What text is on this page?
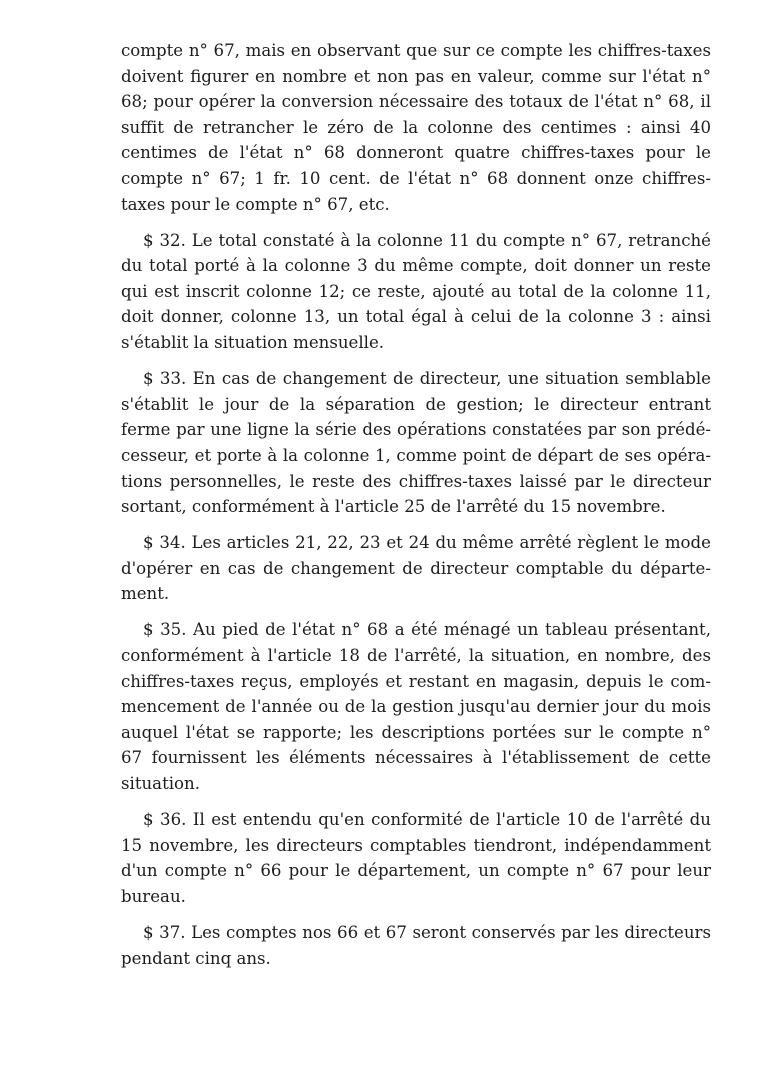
compte n° 67, mais en observant que sur ce compte les chiffres-taxes doivent figurer en nombre et non pas en valeur, comme sur l'état n° 68; pour opérer la conversion nécessaire des totaux de l'état n° 68, il suffit de retrancher le zéro de la colonne des centimes : ainsi 40 centimes de l'état n° 68 donneront quatre chiffres-taxes pour le compte n° 67; 1 fr. 10 cent. de l'état n° 68 donnent onze chiffres-taxes pour le compte n° 67, etc.

$ 32. Le total constaté à la colonne 11 du compte n° 67, retranché du total porté à la colonne 3 du même compte, doit donner un reste qui est inscrit colonne 12; ce reste, ajouté au total de la colonne 11, doit donner, colonne 13, un total égal à celui de la colonne 3 : ainsi s'établit la situation mensuelle.

$ 33. En cas de changement de directeur, une situation semblable s'établit le jour de la séparation de gestion; le directeur entrant ferme par une ligne la série des opérations constatées par son prédécesseur, et porte à la colonne 1, comme point de départ de ses opérations personnelles, le reste des chiffres-taxes laissé par le directeur sortant, conformément à l'article 25 de l'arrêté du 15 novembre.

$ 34. Les articles 21, 22, 23 et 24 du même arrêté règlent le mode d'opérer en cas de changement de directeur comptable du département.

$ 35. Au pied de l'état n° 68 a été ménagé un tableau présentant, conformément à l'article 18 de l'arrêté, la situation, en nombre, des chiffres-taxes reçus, employés et restant en magasin, depuis le commencement de l'année ou de la gestion jusqu'au dernier jour du mois auquel l'état se rapporte; les descriptions portées sur le compte n° 67 fournissent les éléments nécessaires à l'établissement de cette situation.

$ 36. Il est entendu qu'en conformité de l'article 10 de l'arrêté du 15 novembre, les directeurs comptables tiendront, indépendamment d'un compte n° 66 pour le département, un compte n° 67 pour leur bureau.

$ 37. Les comptes nos 66 et 67 seront conservés par les directeurs pendant cinq ans.
